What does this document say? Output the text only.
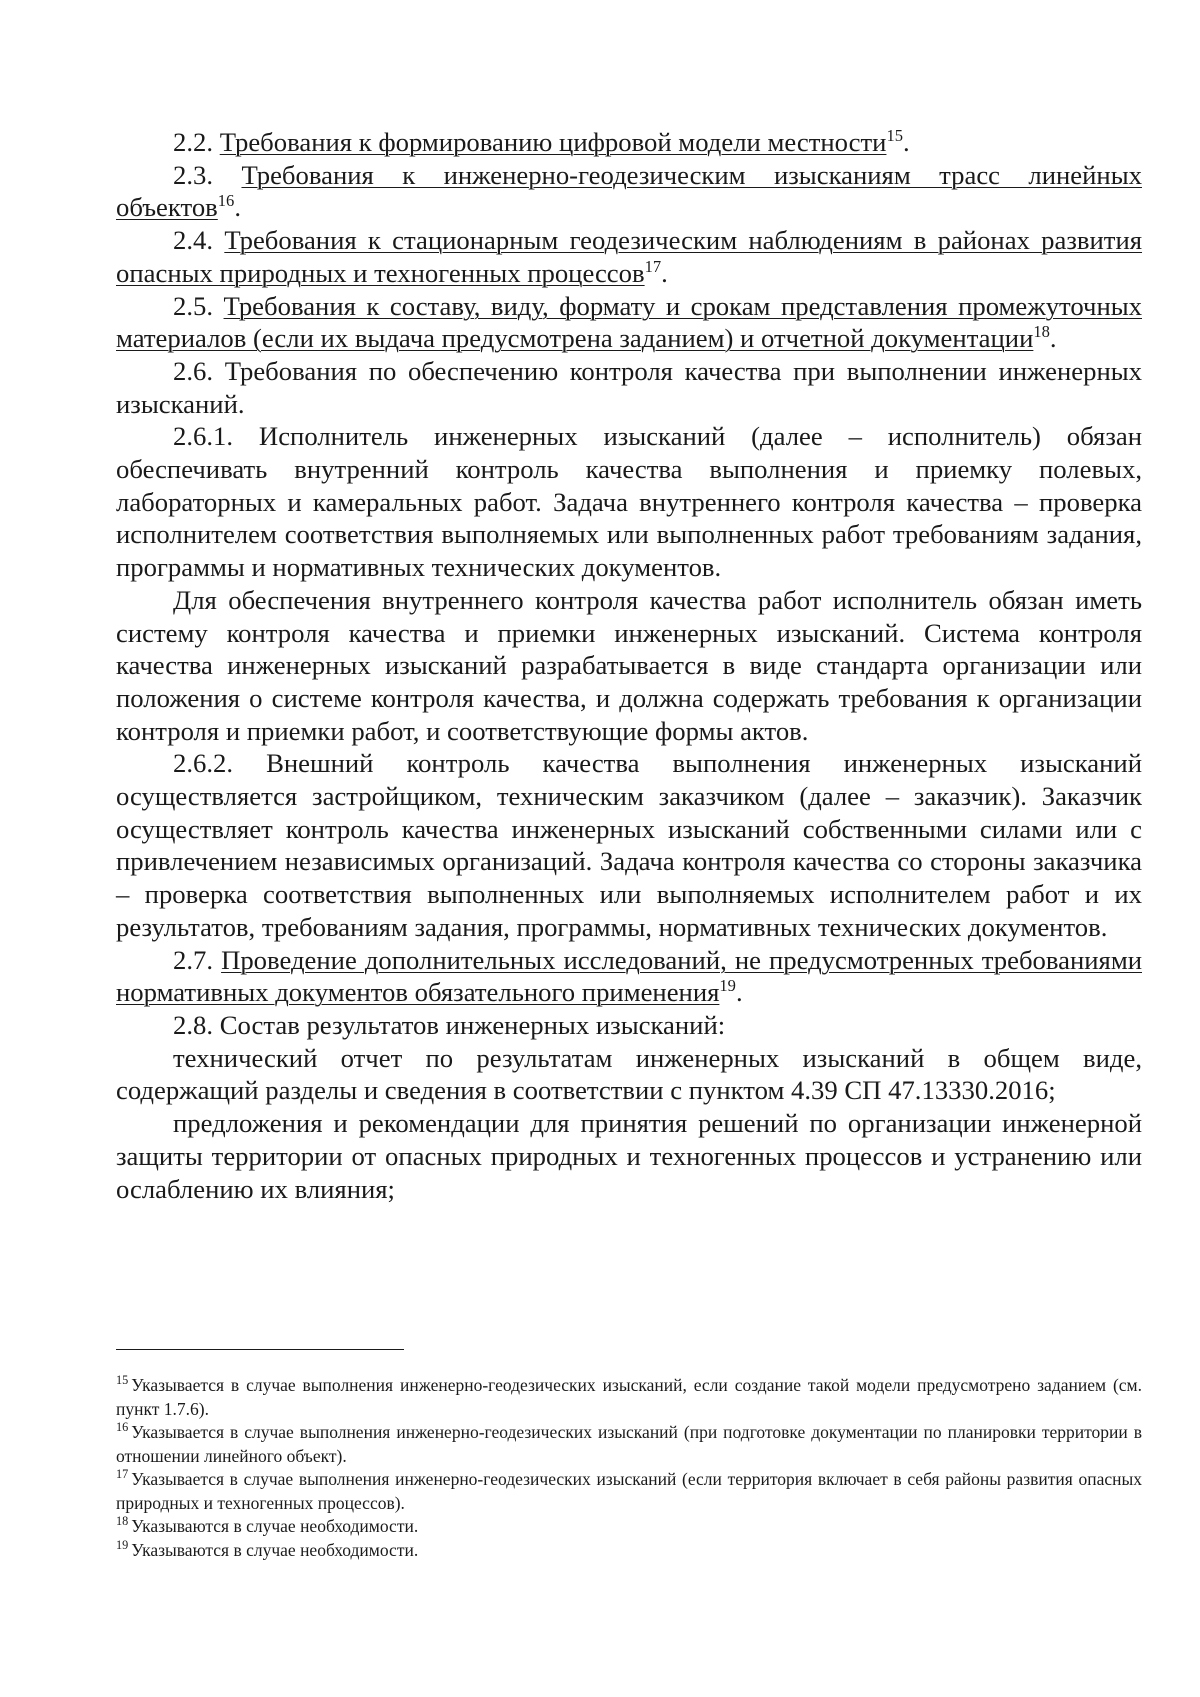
2.2. Требования к формированию цифровой модели местности$^{15}$.

2.3. Требования к инженерно-геодезическим изысканиям трасс линейных объектов$^{16}$.

2.4. Требования к стационарным геодезическим наблюдениям в районах развития опасных природных и техногенных процессов$^{17}$.

2.5. Требования к составу, виду, формату и срокам представления промежуточных материалов (если их выдача предусмотрена заданием) и отчетной документации$^{18}$.

2.6. Требования по обеспечению контроля качества при выполнении инженерных изысканий.

2.6.1. Исполнитель инженерных изысканий (далее – исполнитель) обязан обеспечивать внутренний контроль качества выполнения и приемку полевых, лабораторных и камеральных работ. Задача внутреннего контроля качества – проверка исполнителем соответствия выполняемых или выполненных работ требованиям задания, программы и нормативных технических документов.

Для обеспечения внутреннего контроля качества работ исполнитель обязан иметь систему контроля качества и приемки инженерных изысканий. Система контроля качества инженерных изысканий разрабатывается в виде стандарта организации или положения о системе контроля качества, и должна содержать требования к организации контроля и приемки работ, и соответствующие формы актов.

2.6.2. Внешний контроль качества выполнения инженерных изысканий осуществляется застройщиком, техническим заказчиком (далее – заказчик). Заказчик осуществляет контроль качества инженерных изысканий собственными силами или с привлечением независимых организаций. Задача контроля качества со стороны заказчика – проверка соответствия выполненных или выполняемых исполнителем работ и их результатов, требованиям задания, программы, нормативных технических документов.

2.7. Проведение дополнительных исследований, не предусмотренных требованиями нормативных документов обязательного применения$^{19}$.

2.8. Состав результатов инженерных изысканий:

технический отчет по результатам инженерных изысканий в общем виде, содержащий разделы и сведения в соответствии с пунктом 4.39 СП 47.13330.2016;

предложения и рекомендации для принятия решений по организации инженерной защиты территории от опасных природных и техногенных процессов и устранению или ослаблению их влияния;

$^{15}$ Указывается в случае выполнения инженерно-геодезических изысканий, если создание такой модели предусмотрено заданием (см. пункт 1.7.6).

$^{16}$ Указывается в случае выполнения инженерно-геодезических изысканий (при подготовке документации по планировки территории в отношении линейного объект).

$^{17}$ Указывается в случае выполнения инженерно-геодезических изысканий (если территория включает в себя районы развития опасных природных и техногенных процессов).

$^{18}$ Указываются в случае необходимости.

$^{19}$ Указываются в случае необходимости.
